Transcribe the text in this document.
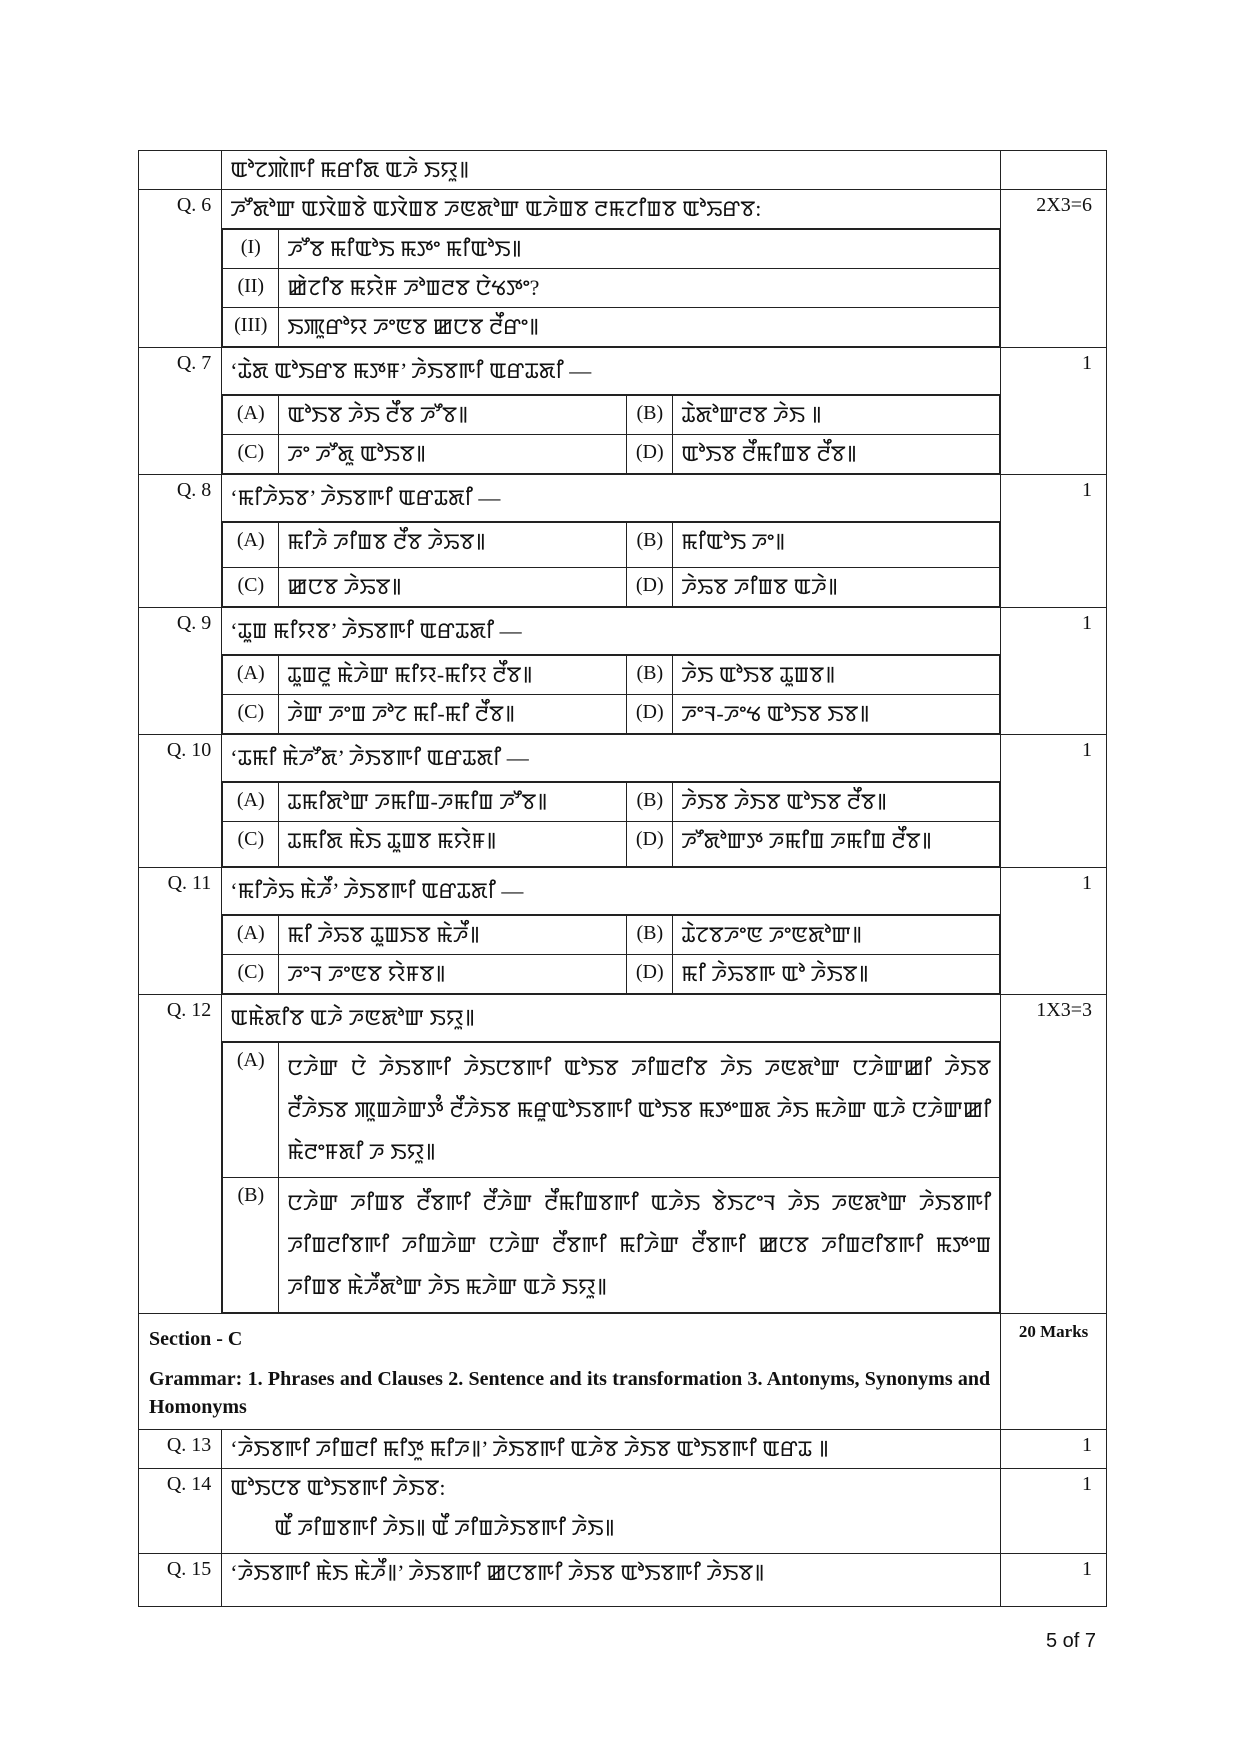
	ꯑꯣꯖꯄꯥꯒꯤ ꯃꯔꯤꯗ ꯑꯍꯥ ꯏꯌꯨ꯫	
Q. 6	ꯍꯧꯗꯣꯛ ꯑꯋꯥꯡꯕꯥ ꯑꯋꯥꯡꯕ ꯍꯟꯗꯣꯛ ꯑꯍꯥꯡꯕ ꯂꯃꯖꯤꯡꯕ ꯑꯣꯢꯔꯕ:
(I)	ꯍꯧꯕ ꯃꯤꯑꯣꯏ ꯃꯇꯦ ꯃꯤꯑꯣꯏ꯫
(II)	ꯀꯥꯖꯤꯕ ꯃꯌꯥꯝ ꯍꯣꯡꯂꯕ ꯅꯥꯠꯇꯦ?
(III)	ꯏꯄꯨꯔꯣꯌ ꯍꯦꯟꯕ ꯀꯅꯕ ꯂꯩꯔꯦ꯫
	2X3=6
Q. 7	‘ꯊꯥꯗ ꯑꯣꯏꯔꯕ ꯃꯇꯝ’ ꯍꯥꯏꯕꯒꯤ ꯑꯔꯊꯗꯤ —
(A)	ꯑꯣꯏꯕ ꯍꯥꯏ ꯂꯩꯕ ꯍꯧꯕ꯫	(B)	ꯊꯥꯗꯣꯛꯂꯕ ꯍꯥꯏ ꯫
(C)	ꯍꯦ ꯍꯧꯗꯨ ꯑꯣꯏꯕ꯫	(D)	ꯑꯣꯏꯕ ꯂꯩꯃꯤꯡꯕ ꯂꯩꯕ꯫
	1
Q. 8	‘ꯃꯤꯍꯥꯢꯕ’ ꯍꯥꯏꯕꯒꯤ ꯑꯔꯊꯗꯤ —
(A)	ꯃꯤꯍꯥ ꯍꯤꯡꯕ ꯂꯩꯕ ꯍꯥꯢꯕ꯫	(B)	ꯃꯤꯑꯣꯏ ꯍꯦ꯫
(C)	ꯀꯅꯕ ꯍꯥꯢꯕ꯫	(D)	ꯍꯥꯢꯕ ꯍꯤꯡꯕ ꯑꯍꯥ꯫
	1
Q. 9	‘ꯊꯨꯡ ꯃꯤꯌꯕ’ ꯍꯥꯏꯕꯒꯤ ꯑꯔꯊꯗꯤ —
(A)	ꯊꯨꯡꯂꯨ ꯃꯥꯍꯥꯛ ꯃꯤꯌ-ꯃꯤꯌ ꯂꯩꯕ꯫	(B)	ꯍꯥꯏ ꯑꯣꯏꯕ ꯊꯨꯡꯕ꯫
(C)	ꯍꯥꯛ ꯍꯦꯡ ꯍꯣꯖ ꯃꯤ-ꯃꯤ ꯂꯩꯕ꯫	(D)	ꯍꯦꯜ-ꯍꯦꯠ ꯑꯣꯏꯕ ꯏꯕ꯫
	1
Q. 10	‘ꯊꯃꯤ ꯃꯥꯍꯧꯗ’ ꯍꯥꯏꯕꯒꯤ ꯑꯔꯊꯗꯤ —
(A)	ꯊꯃꯤꯗꯣꯛ ꯍꯃꯤꯡ-ꯍꯃꯤꯡ ꯍꯧꯕ꯫	(B)	ꯍꯥꯏꯕ ꯍꯥꯏꯕ ꯑꯣꯏꯕ ꯂꯩꯕ꯫
(C)	ꯊꯃꯤꯗ ꯃꯥꯏ ꯊꯨꯡꯕ ꯃꯌꯥꯝ꯫	(D)	ꯍꯧꯗꯣꯛꯇ ꯍꯃꯤꯡ ꯍꯃꯤꯡ ꯂꯩꯕ꯫
	1
Q. 11	‘ꯃꯤꯍꯥꯢ ꯃꯥꯍꯩ’ ꯍꯥꯏꯕꯒꯤ ꯑꯔꯊꯗꯤ —
(A)	ꯃꯤ ꯍꯥꯢꯕ ꯊꯨꯡꯏꯕ ꯃꯥꯍꯩ꯫	(B)	ꯊꯥꯖꯕꯍꯦꯟ ꯍꯦꯟꯗꯣꯛ꯫
(C)	ꯍꯦꯜ ꯍꯦꯟꯕ ꯌꯥꯝꯕ꯫	(D)	ꯃꯤ ꯍꯥꯢꯕꯒ ꯑꯣ ꯍꯥꯏꯕ꯫
	1
Q. 12	ꯑꯃꯥꯗꯤꯕ ꯑꯍꯥ ꯍꯟꯗꯣꯛ ꯏꯌꯨ꯫
(A)	ꯅꯍꯥꯛ ꯅꯥ ꯍꯥꯏꯕꯒꯤ ꯍꯥꯏꯅꯕꯒꯤ ꯑꯣꯏꯕ ꯍꯤꯡꯂꯤꯕ ꯍꯥꯏ ꯍꯟꯗꯣꯛ ꯅꯍꯥꯛꯀꯤ ꯍꯥꯏꯕ ꯂꯩꯍꯥꯏꯕ ꯄꯨꯡꯍꯥꯛꯇꯪ ꯂꯩꯍꯥꯏꯕ ꯃꯔꯨꯑꯣꯏꯕꯒꯤ ꯑꯣꯏꯕ ꯃꯇꯦꯡꯗ ꯍꯥꯏ ꯃꯍꯥꯛ ꯑꯍꯥ ꯅꯍꯥꯛꯀꯤ ꯃꯥꯂꯦꯝꯗꯤ ꯍ ꯏꯌꯨ꯫
(B)	ꯅꯍꯥꯛ ꯍꯤꯡꯕ ꯂꯩꯕꯒꯤ ꯂꯩꯍꯥꯛ ꯂꯩꯃꯤꯡꯕꯒꯤ ꯑꯍꯥꯏ ꯕꯥꯏꯖꯦꯜ ꯍꯥꯏ ꯍꯟꯗꯣꯛ ꯍꯥꯏꯕꯒꯤ ꯍꯤꯡꯂꯤꯕꯒꯤ ꯍꯤꯡꯍꯥꯛ ꯅꯍꯥꯛ ꯂꯩꯕꯒꯤ ꯃꯤꯍꯥꯛ ꯂꯩꯕꯒꯤ ꯀꯅꯕ ꯍꯤꯡꯂꯤꯕꯒꯤ ꯃꯇꯦꯡ ꯍꯤꯡꯕ ꯃꯥꯍꯩꯗꯣꯛ ꯍꯥꯏ ꯃꯍꯥꯛ ꯑꯍꯥ ꯏꯌꯨ꯫
	1X3=3

Section - C
Grammar: 1. Phrases and Clauses 2. Sentence and its transformation 3. Antonyms, Synonyms and Homonyms
	20 Marks
Q. 13	‘ꯍꯥꯏꯕꯒꯤ ꯍꯤꯡꯂꯤ ꯃꯤꯇꯨ ꯃꯤꯍ꯫’ ꯍꯥꯏꯕꯒꯤ ꯑꯍꯥꯕ ꯍꯥꯏꯕ ꯑꯣꯏꯕꯒꯤ ꯑꯔꯊ ꯫	1
Q. 14	ꯑꯣꯏꯅꯕ ꯑꯣꯏꯕꯒꯤ ꯍꯥꯏꯕ:
ꯑꯩ ꯍꯤꯡꯕꯒꯤ ꯍꯥꯏ꯫ ꯑꯩ ꯍꯤꯡꯍꯥꯏꯕꯒꯤ ꯍꯥꯏ꯫
	1
Q. 15	‘ꯍꯥꯏꯕꯒꯤ ꯃꯥꯏ ꯃꯥꯍꯩ꯫’ ꯍꯥꯏꯕꯒꯤ ꯀꯅꯕꯒꯤ ꯍꯥꯏꯕ ꯑꯣꯏꯕꯒꯤ ꯍꯥꯏꯕ꯫	1
5 of 7
